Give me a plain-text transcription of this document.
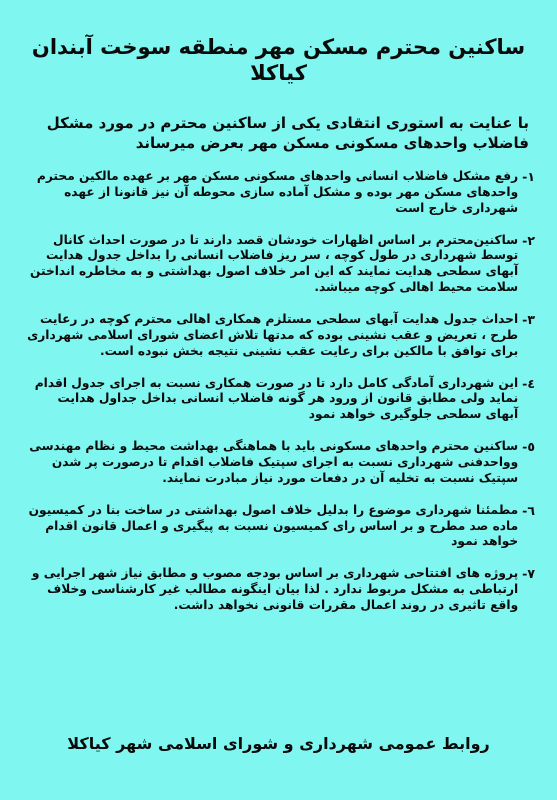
ساکنین محترم مسکن مهر منطقه سوخت آبندان کیاکلا

با عنایت به استوری انتقادی یکی از ساکنین محترم در مورد مشکل فاضلاب واحدهای مسکونی مسکن مهر بعرض میرساند

۱-
رفع مشکل فاضلاب انسانی واحدهای مسکونی مسکن مهر بر عهده مالکین محترم واحدهای مسکن مهر بوده و مشکل آماده سازی محوطه آن نیز قانونا از عهده شهرداری خارج است
۲-
ساکنین‌محترم بر اساس اظهارات خودشان قصد دارند تا در صورت احداث کانال توسط شهرداری در طول کوچه ، سر ریز فاضلاب انسانی را بداخل جدول هدایت آبهای سطحی هدایت نمایند که این امر خلاف اصول بهداشتی و به مخاطره انداختن سلامت محیط اهالی کوچه میباشد.
۳-
احداث جدول هدایت آبهای سطحی مستلزم همکاری اهالی محترم کوچه در رعایت طرح ، تعریض و عقب نشینی بوده که مدتها تلاش اعضای شورای اسلامی شهرداری برای توافق با مالکین برای رعایت عقب نشینی نتیجه بخش نبوده است.
٤-
این شهرداری آمادگی کامل دارد تا در صورت همکاری نسبت به اجرای جدول اقدام نماید ولی مطابق قانون از ورود هر گونه فاضلاب انسانی بداخل جداول هدایت آبهای سطحی جلوگیری خواهد نمود
٥-
ساکنین محترم واحدهای مسکونی باید با هماهنگی بهداشت محیط و نظام مهندسی وواحدفنی شهرداری نسبت به اجرای سپتیک فاضلاب اقدام تا درصورت پر شدن سپتیک نسبت به تخلیه آن در دفعات مورد نیاز مبادرت نمایند.
٦-
مطمئنا شهرداری موضوع را بدلیل خلاف اصول بهداشتی در ساخت بنا در کمیسیون ماده صد مطرح و بر اساس رای کمیسیون نسبت به پیگیری و اعمال قانون اقدام خواهد نمود
۷-
پروژه های افتتاحی شهرداری بر اساس بودجه مصوب و مطابق نیاز شهر اجرایی و ارتباطی به مشکل مربوط ندارد . لذا بیان اینگونه مطالب غیر کارشناسی وخلاف واقع تاثیری در روند اعمال مقررات قانونی نخواهد داشت.
روابط عمومی شهرداری و شورای اسلامی شهر کیاکلا
